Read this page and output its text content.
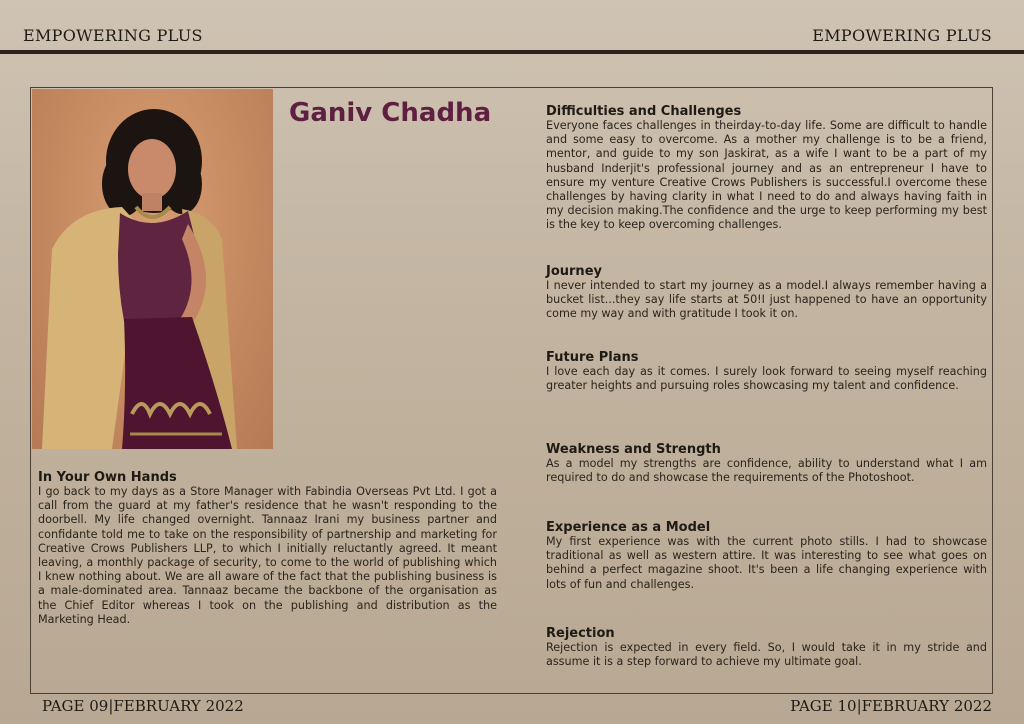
EMPOWERING PLUS	EMPOWERING PLUS
Ganiv Chadha

In Your Own Hands

I go back to my days as a Store Manager with Fabindia Overseas Pvt Ltd. I got a call from the guard at my father's residence that he wasn't responding to the doorbell. My life changed overnight. Tannaaz Irani my business partner and confidante told me to take on the responsibility of partnership and marketing for Creative Crows Publishers LLP, to which I initially reluctantly agreed. It meant leaving, a monthly package of security, to come to the world of publishing which I knew nothing about. We are all aware of the fact that the publishing business is a male-dominated area. Tannaaz became the backbone of the organisation as the Chief Editor whereas I took on the publishing and distribution as the Marketing Head.

Difficulties and Challenges

Everyone faces challenges in theirday-to-day life. Some are difficult to handle and some easy to overcome. As a mother my challenge is to be a friend, mentor, and guide to my son Jaskirat, as a wife I want to be a part of my husband Inderjit's professional journey and as an entrepreneur I have to ensure my venture Creative Crows Publishers is successful.I overcome these challenges by having clarity in what I need to do and always having faith in my decision making.The confidence and the urge to keep performing my best is the key to keep overcoming challenges.

Journey

I never intended to start my journey as a model.I always remember having a bucket list...they say life starts at 50!I just happened to have an opportunity come my way and with gratitude I took it on.

Future Plans

I love each day as it comes. I surely look forward to seeing myself reaching greater heights and pursuing roles showcasing my talent and confidence.

Weakness and Strength

As a model my strengths are confidence, ability to understand what I am required to do and showcase the requirements of the Photoshoot.

Experience as a Model

My first experience was with the current photo stills. I had to showcase traditional as well as western attire. It was interesting to see what goes on behind a perfect magazine shoot. It's been a life changing experience with lots of fun and challenges.

Rejection

Rejection is expected in every field. So, I would take it in my stride and assume it is a step forward to achieve my ultimate goal.

PAGE 09|FEBRUARY 2022	PAGE 10|FEBRUARY 2022
